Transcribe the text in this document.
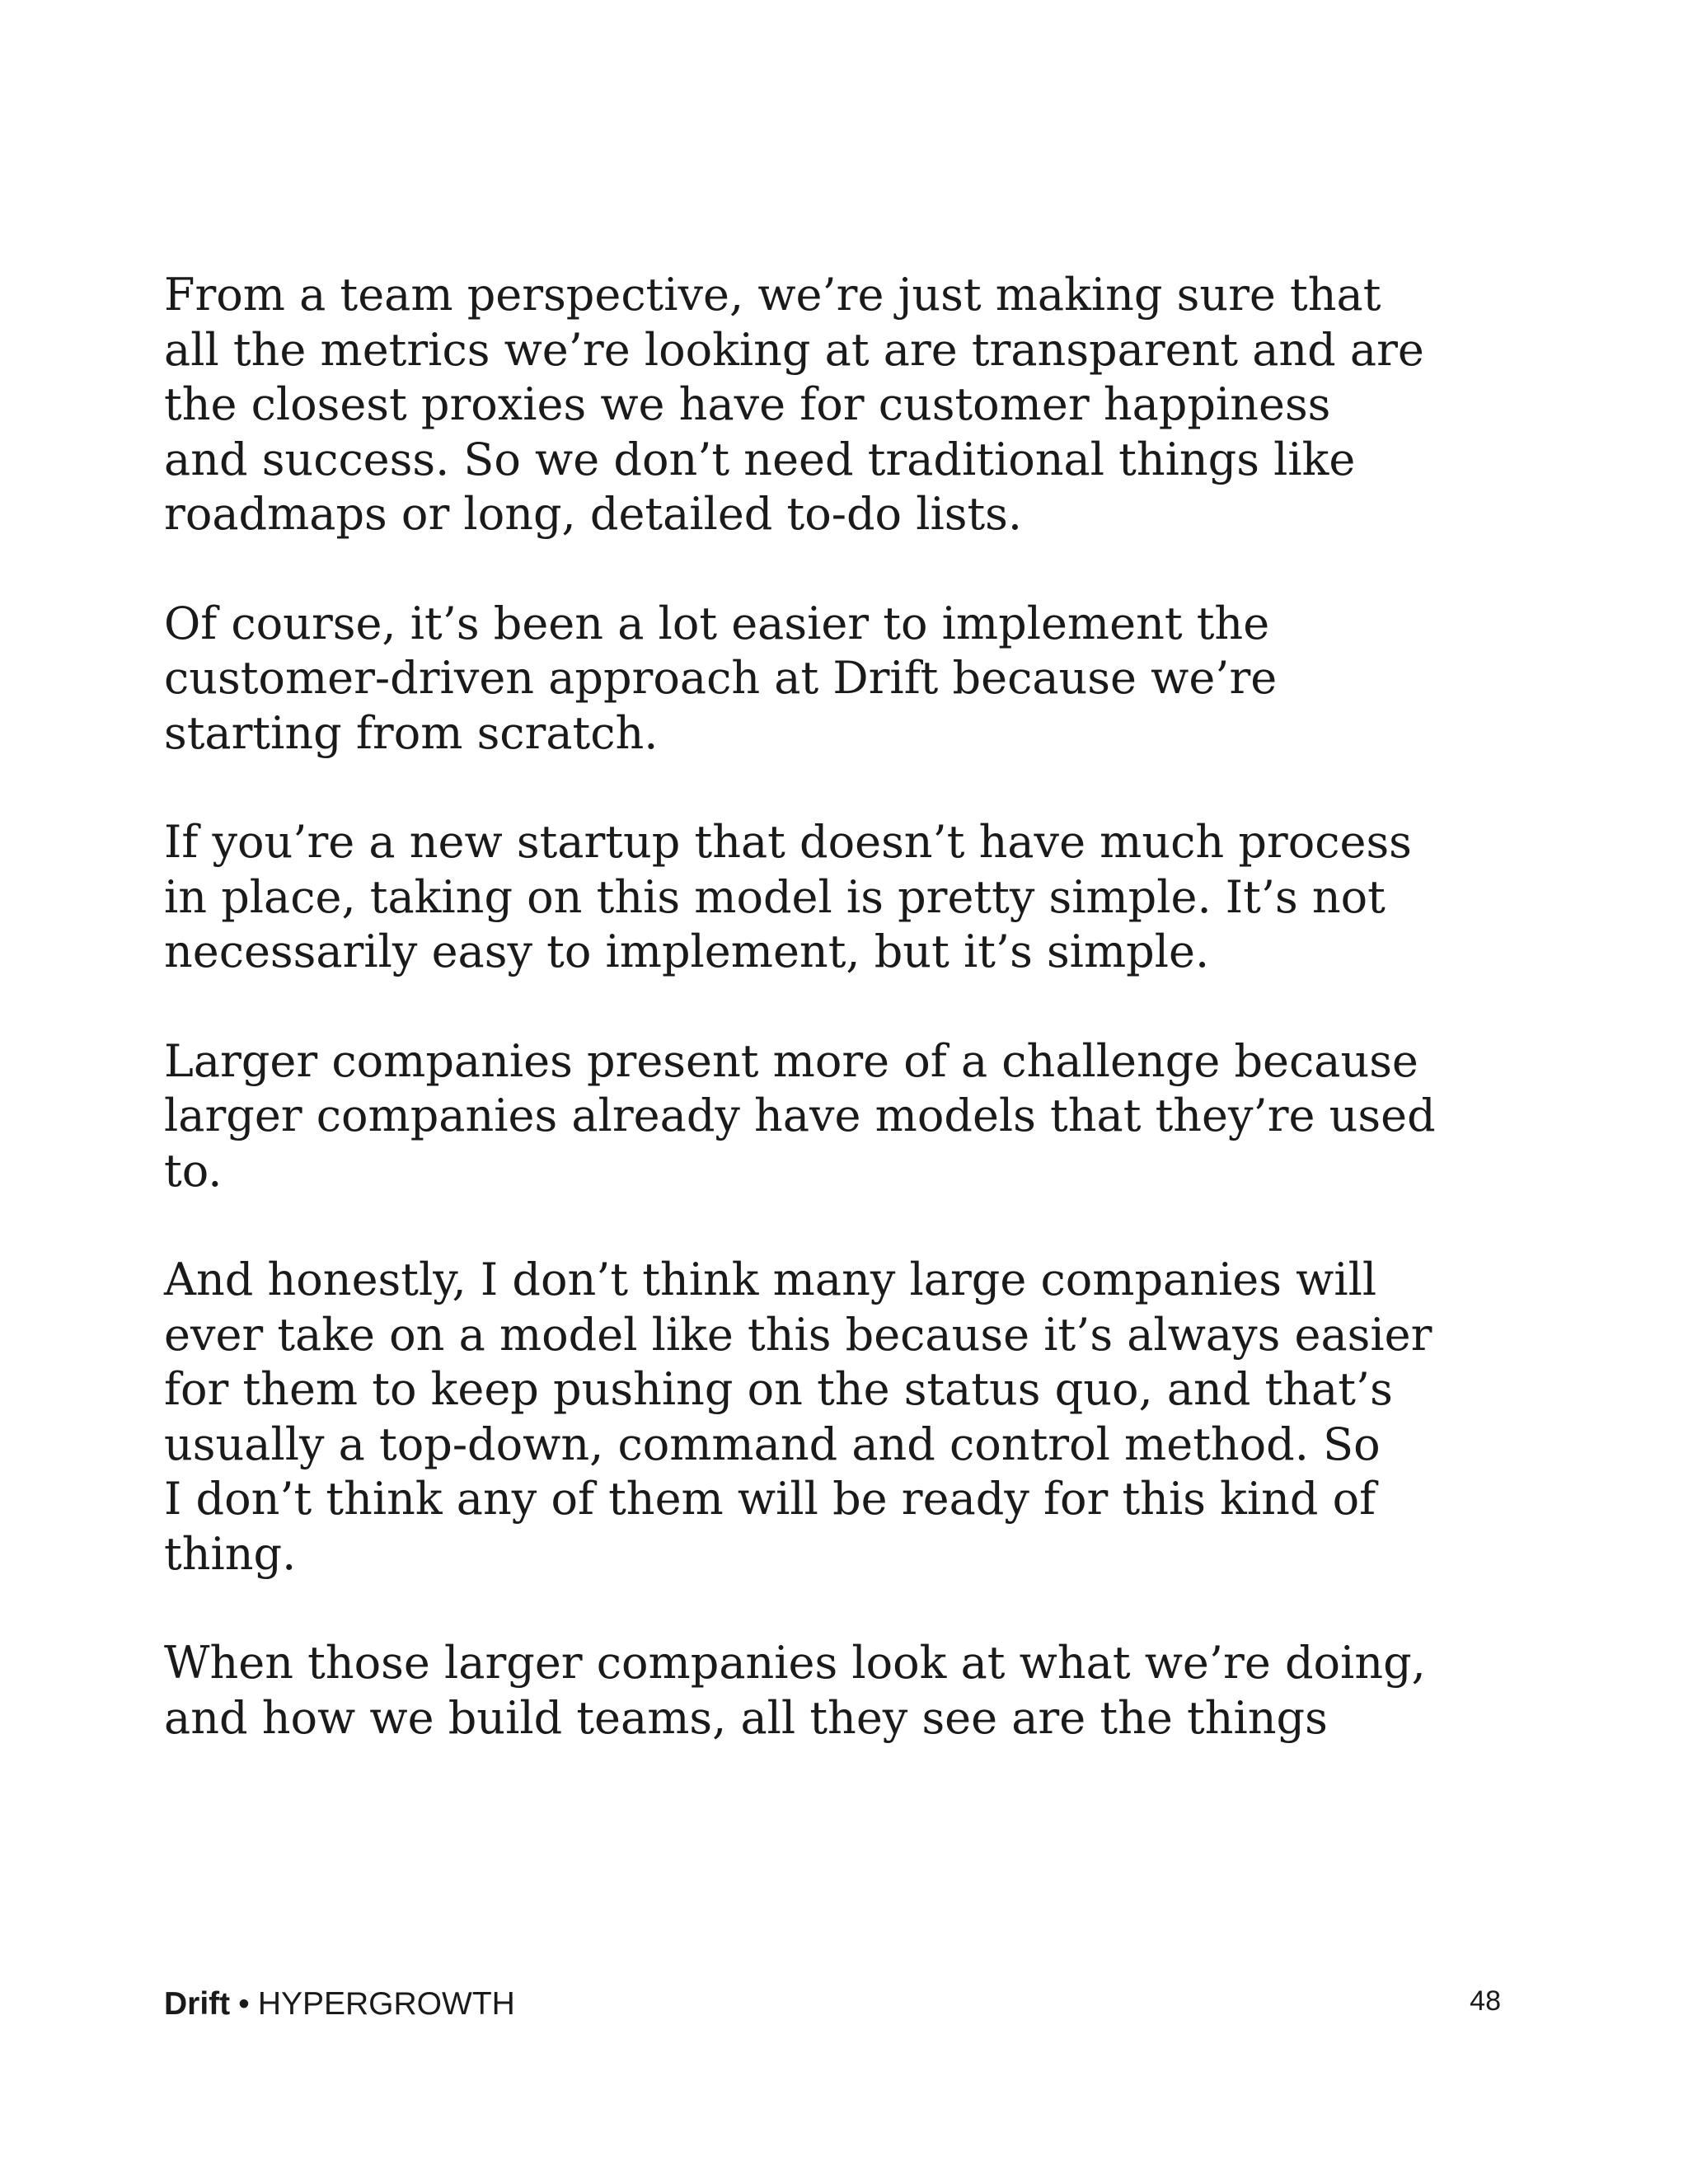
From a team perspective, we’re just making sure that
all the metrics we’re looking at are transparent and are
the closest proxies we have for customer happiness
and success. So we don’t need traditional things like
roadmaps or long, detailed to-do lists.

Of course, it’s been a lot easier to implement the
customer-driven approach at Drift because we’re
starting from scratch.

If you’re a new startup that doesn’t have much process
in place, taking on this model is pretty simple. It’s not
necessarily easy to implement, but it’s simple.

Larger companies present more of a challenge because
larger companies already have models that they’re used
to.

And honestly, I don’t think many large companies will
ever take on a model like this because it’s always easier
for them to keep pushing on the status quo, and that’s
usually a top-down, command and control method. So
I don’t think any of them will be ready for this kind of
thing.

When those larger companies look at what we’re doing,
and how we build teams, all they see are the things

Drift • HYPERGROWTH	48
